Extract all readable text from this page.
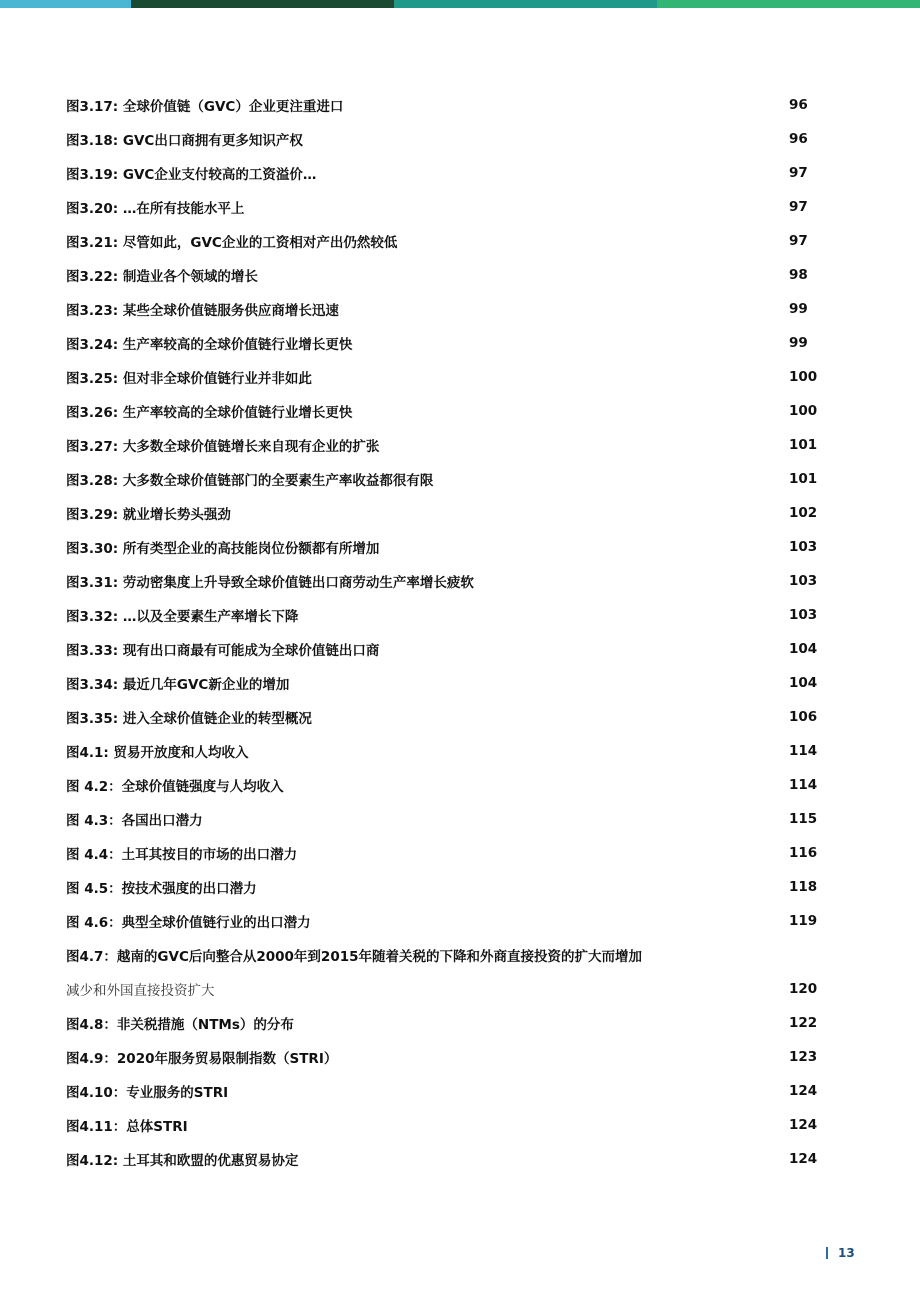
图3.17: 全球价值链（GVC）企业更注重进口	96
图3.18: GVC出口商拥有更多知识产权	96
图3.19: GVC企业支付较高的工资溢价…	97
图3.20: …在所有技能水平上	97
图3.21: 尽管如此，GVC企业的工资相对产出仍然较低	97
图3.22: 制造业各个领域的增长	98
图3.23: 某些全球价值链服务供应商增长迅速	99
图3.24: 生产率较高的全球价值链行业增长更快	99
图3.25: 但对非全球价值链行业并非如此	100
图3.26: 生产率较高的全球价值链行业增长更快	100
图3.27: 大多数全球价值链增长来自现有企业的扩张	101
图3.28: 大多数全球价值链部门的全要素生产率收益都很有限	101
图3.29: 就业增长势头强劲	102
图3.30: 所有类型企业的高技能岗位份额都有所增加	103
图3.31: 劳动密集度上升导致全球价值链出口商劳动生产率增长疲软	103
图3.32: …以及全要素生产率增长下降	103
图3.33: 现有出口商最有可能成为全球价值链出口商	104
图3.34: 最近几年GVC新企业的增加	104
图3.35: 进入全球价值链企业的转型概况	106
图4.1: 贸易开放度和人均收入	114
图 4.2：全球价值链强度与人均收入	114
图 4.3：各国出口潜力	115
图 4.4：土耳其按目的市场的出口潜力	116
图 4.5：按技术强度的出口潜力	118
图 4.6：典型全球价值链行业的出口潜力	119
图4.7：越南的GVC后向整合从2000年到2015年随着关税的下降和外商直接投资的扩大而增加
减少和外国直接投资扩大	120
图4.8：非关税措施（NTMs）的分布	122
图4.9：2020年服务贸易限制指数（STRI）	123
图4.10：专业服务的STRI	124
图4.11：总体STRI	124
图4.12: 土耳其和欧盟的优惠贸易协定	124
13
